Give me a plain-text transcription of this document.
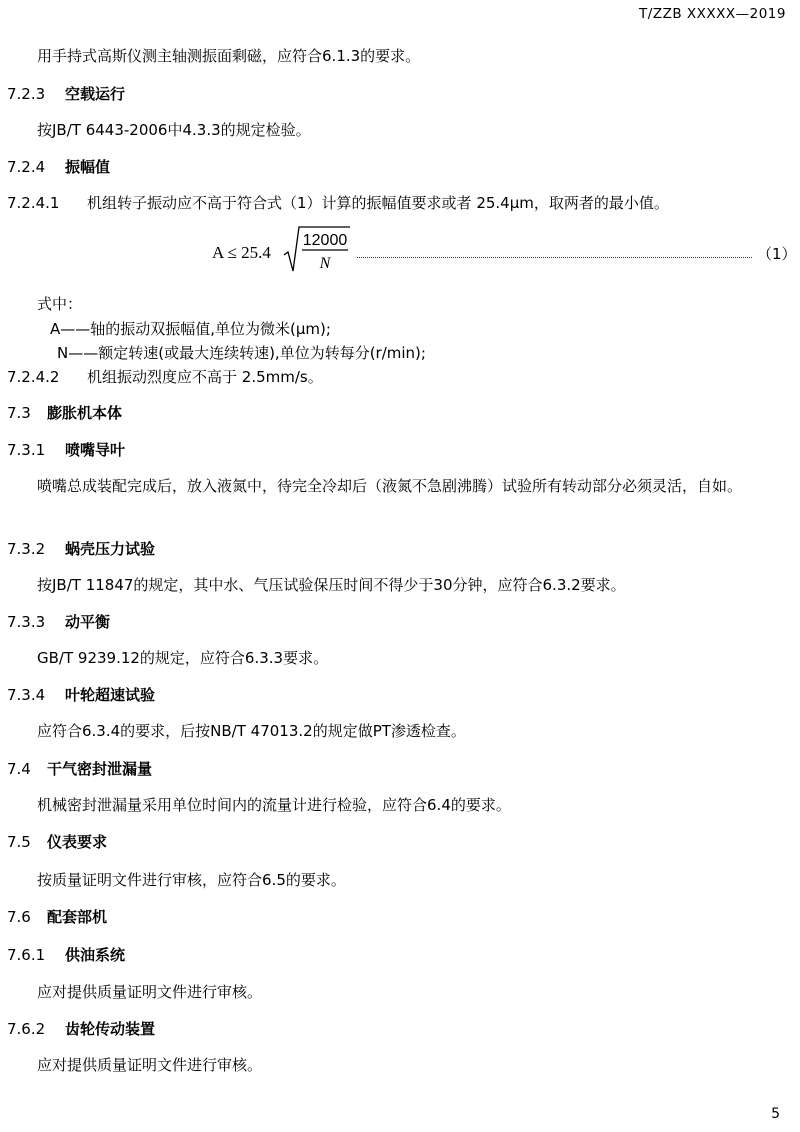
T/ZZB XXXXX—2019
用手持式高斯仪测主轴测振面剩磁，应符合6.1.3的要求。
7.2.3 空载运行
按JB/T 6443-2006中4.3.3的规定检验。
7.2.4 振幅值
7.2.4.1 机组转子振动应不高于符合式（1）计算的振幅值要求或者 25.4μm，取两者的最小值。
A ≤ 25.4
12000
N
（1）
式中：
A——轴的振动双振幅值,单位为微米(μm);
N——额定转速(或最大连续转速),单位为转每分(r/min);
7.2.4.2 机组振动烈度应不高于 2.5mm/s。
7.3 膨胀机本体
7.3.1 喷嘴导叶
喷嘴总成装配完成后，放入液氮中，待完全冷却后（液氮不急剧沸腾）试验所有转动部分必须灵活，自如。
7.3.2 蜗壳压力试验
按JB/T 11847的规定，其中水、气压试验保压时间不得少于30分钟，应符合6.3.2要求。
7.3.3 动平衡
GB/T 9239.12的规定，应符合6.3.3要求。
7.3.4 叶轮超速试验
应符合6.3.4的要求，后按NB/T 47013.2的规定做PT渗透检查。
7.4 干气密封泄漏量
机械密封泄漏量采用单位时间内的流量计进行检验，应符合6.4的要求。
7.5 仪表要求
按质量证明文件进行审核，应符合6.5的要求。
7.6 配套部机
7.6.1 供油系统
应对提供质量证明文件进行审核。
7.6.2 齿轮传动装置
应对提供质量证明文件进行审核。
5
